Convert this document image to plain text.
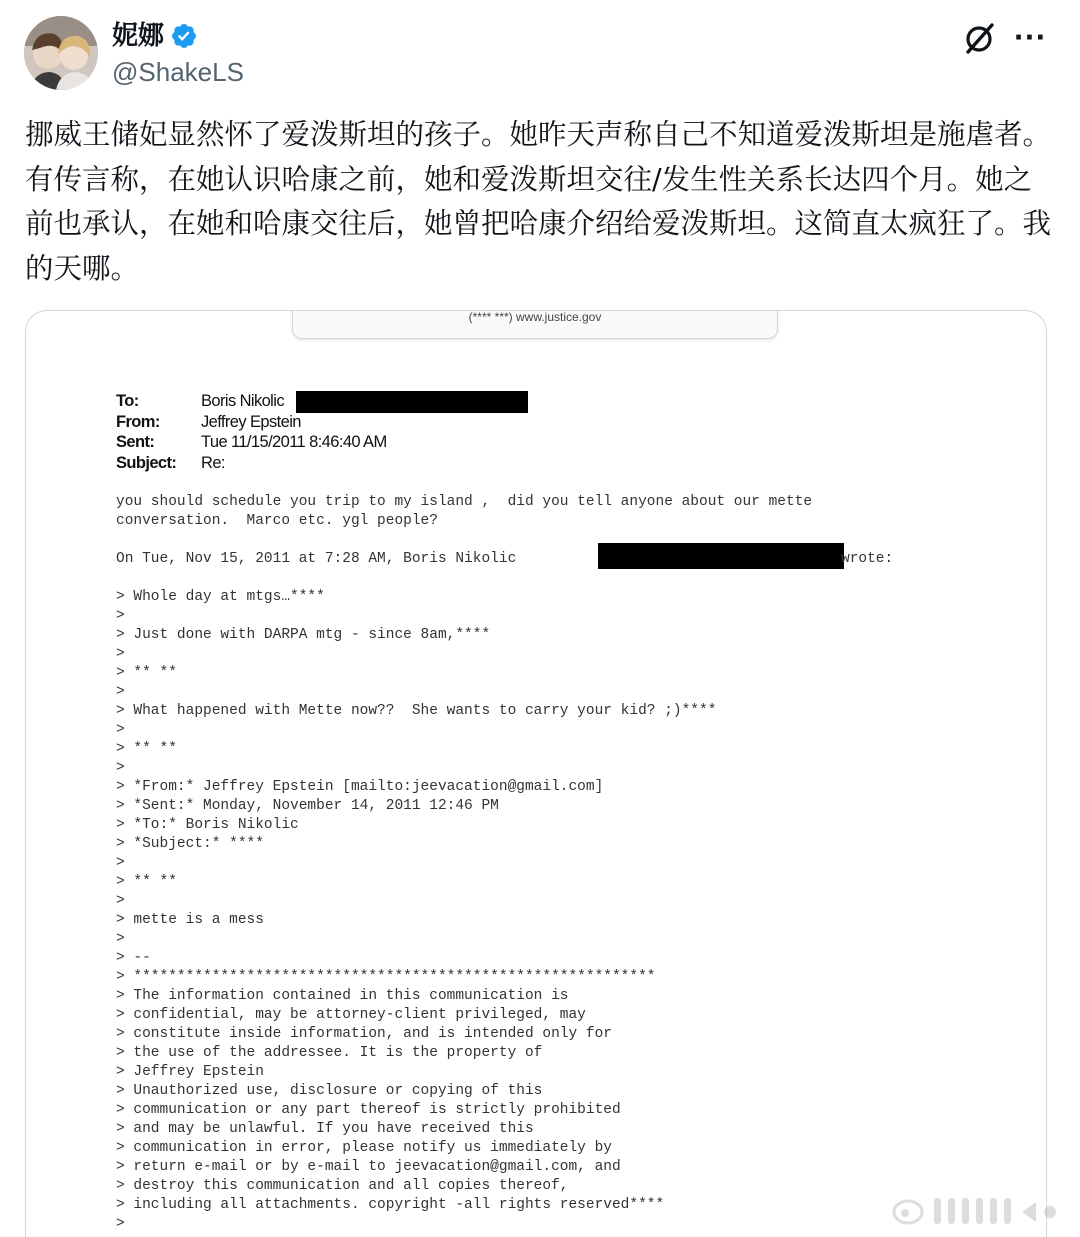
妮娜
@ShakeLS
···

挪威王储妃显然怀了爱泼斯坦的孩子。她昨天声称自己不知道爱泼斯坦是施虐者。有传言称，在她认识哈康之前，她和爱泼斯坦交往/发生性关系长达四个月。她之前也承认，在她和哈康交往后，她曾把哈康介绍给爱泼斯坦。这简直太疯狂了。我的天哪。

(**** ***) www.justice.gov
To:	Boris Nikolic
From:	Jeffrey Epstein
Sent:	Tue 11/15/2011 8:46:40 AM
Subject: Re:
you should schedule you trip to my island ,  did you tell anyone about our mette
conversation.  Marco etc. ygl people?
On Tue, Nov 15, 2011 at 7:28 AM, Boris Nikolic	wrote:
> Whole day at mtgs…****
>
> Just done with DARPA mtg - since 8am,****
>
> ** **
>
> What happened with Mette now??  She wants to carry your kid? ;)****
>
> ** **
>
> *From:* Jeffrey Epstein [mailto:jeevacation@gmail.com]
> *Sent:* Monday, November 14, 2011 12:46 PM
> *To:* Boris Nikolic
> *Subject:* ****
>
> ** **
>
> mette is a mess
>
> --
> ************************************************************
> The information contained in this communication is
> confidential, may be attorney-client privileged, may
> constitute inside information, and is intended only for
> the use of the addressee. It is the property of
> Jeffrey Epstein
> Unauthorized use, disclosure or copying of this
> communication or any part thereof is strictly prohibited
> and may be unlawful. If you have received this
> communication in error, please notify us immediately by
> return e-mail or by e-mail to jeevacation@gmail.com, and
> destroy this communication and all copies thereof,
> including all attachments. copyright -all rights reserved****
>
